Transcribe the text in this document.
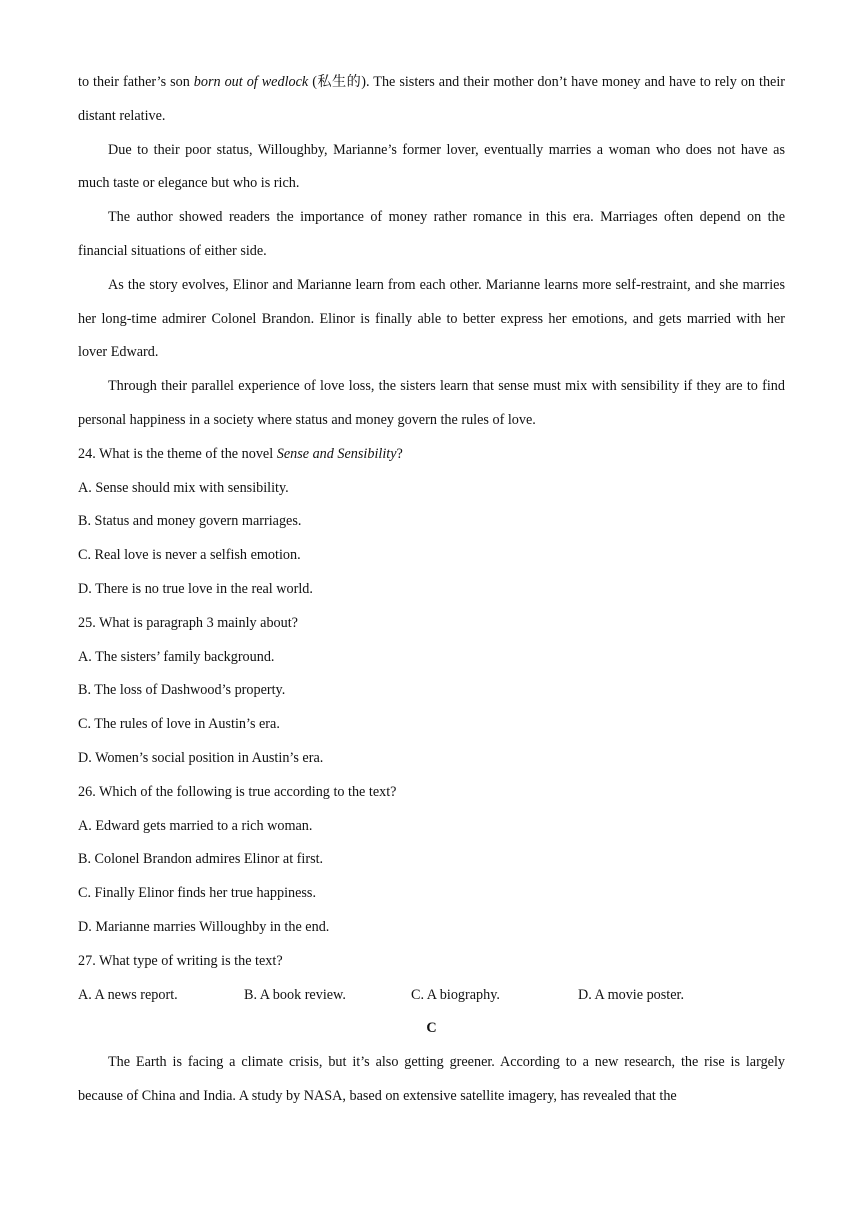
to their father’s son born out of wedlock (私生的). The sisters and their mother don’t have money and have to rely on their distant relative.

Due to their poor status, Willoughby, Marianne’s former lover, eventually marries a woman who does not have as much taste or elegance but who is rich.

The author showed readers the importance of money rather romance in this era. Marriages often depend on the financial situations of either side.

As the story evolves, Elinor and Marianne learn from each other. Marianne learns more self-restraint, and she marries her long-time admirer Colonel Brandon. Elinor is finally able to better express her emotions, and gets married with her lover Edward.

Through their parallel experience of love loss, the sisters learn that sense must mix with sensibility if they are to find personal happiness in a society where status and money govern the rules of love.

24. What is the theme of the novel Sense and Sensibility?

A. Sense should mix with sensibility.

B. Status and money govern marriages.

C. Real love is never a selfish emotion.

D. There is no true love in the real world.

25. What is paragraph 3 mainly about?

A. The sisters’ family background.

B. The loss of Dashwood’s property.

C. The rules of love in Austin’s era.

D. Women’s social position in Austin’s era.

26. Which of the following is true according to the text?

A. Edward gets married to a rich woman.

B. Colonel Brandon admires Elinor at first.

C. Finally Elinor finds her true happiness.

D. Marianne marries Willoughby in the end.

27. What type of writing is the text?

A. A news report.	B. A book review.	C. A biography.	D. A movie poster.
C

The Earth is facing a climate crisis, but it’s also getting greener. According to a new research, the rise is largely because of China and India. A study by NASA, based on extensive satellite imagery, has revealed that the
